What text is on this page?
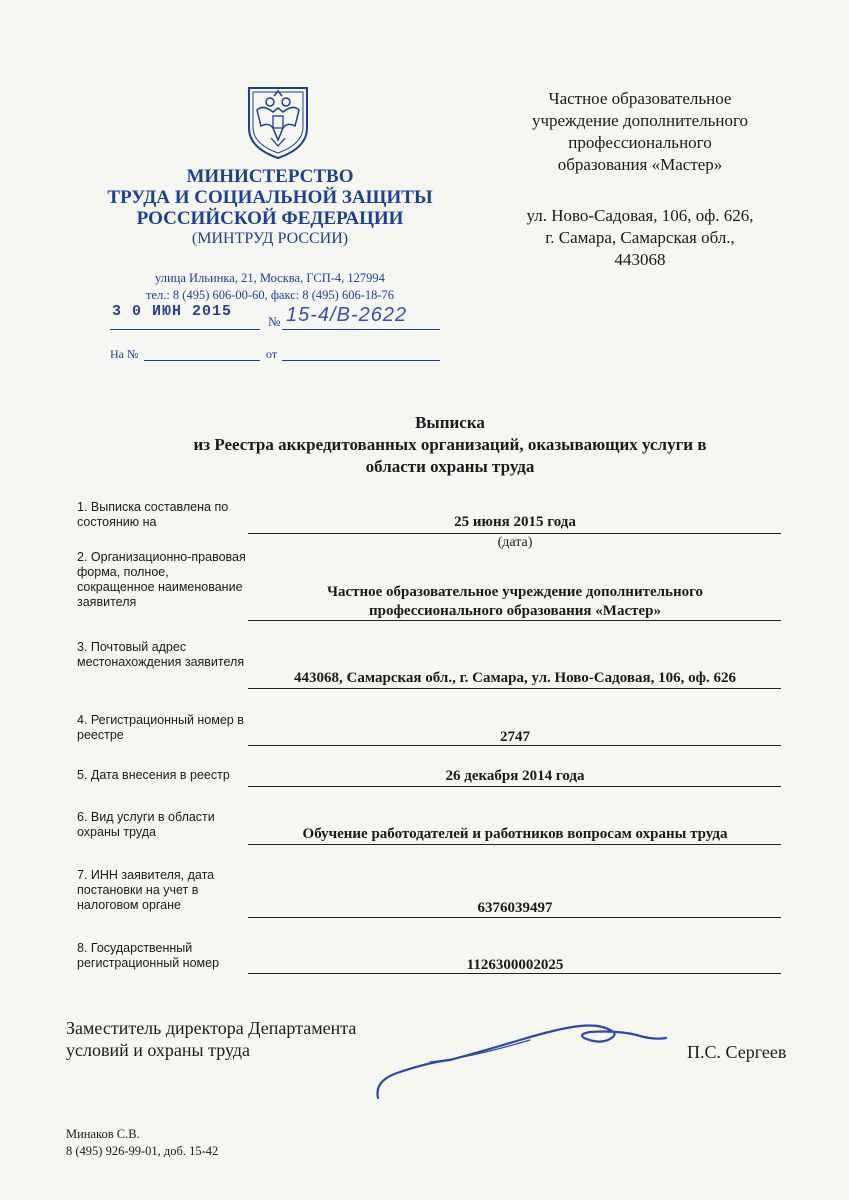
МИНИСТЕРСТВО
ТРУДА И СОЦИАЛЬНОЙ ЗАЩИТЫ
РОССИЙСКОЙ ФЕДЕРАЦИИ
(МИНТРУД РОССИИ)
улица Ильинка, 21, Москва, ГСП-4, 127994
тел.: 8 (495) 606-00-60, факс: 8 (495) 606-18-76
3 0 ИЮН 2015
№ 15-4/В-2622
На №	от
Частное образовательное
учреждение дополнительного
профессионального
образования «Мастер»
ул. Ново-Садовая, 106, оф. 626,
г. Самара, Самарская обл.,
443068
Выписка
из Реестра аккредитованных организаций, оказывающих услуги в
области охраны труда
1. Выписка составлена по состоянию на	25 июня 2015 года
(дата)
2. Организационно-правовая форма, полное, сокращенное наименование заявителя
Частное образовательное учреждение дополнительного
профессионального образования «Мастер»
3. Почтовый адрес местонахождения заявителя
443068, Самарская обл., г. Самара, ул. Ново-Садовая, 106, оф. 626
4. Регистрационный номер в реестре	2747
5. Дата внесения в реестр	26 декабря 2014 года
6. Вид услуги в области охраны труда	Обучение работодателей и работников вопросам охраны труда
7. ИНН заявителя, дата постановки на учет в налоговом органе	6376039497
8. Государственный регистрационный номер	1126300002025
Заместитель директора Департамента
условий и охраны труда	П.С. Сергеев
Минаков С.В.
8 (495) 926-99-01, доб. 15-42
